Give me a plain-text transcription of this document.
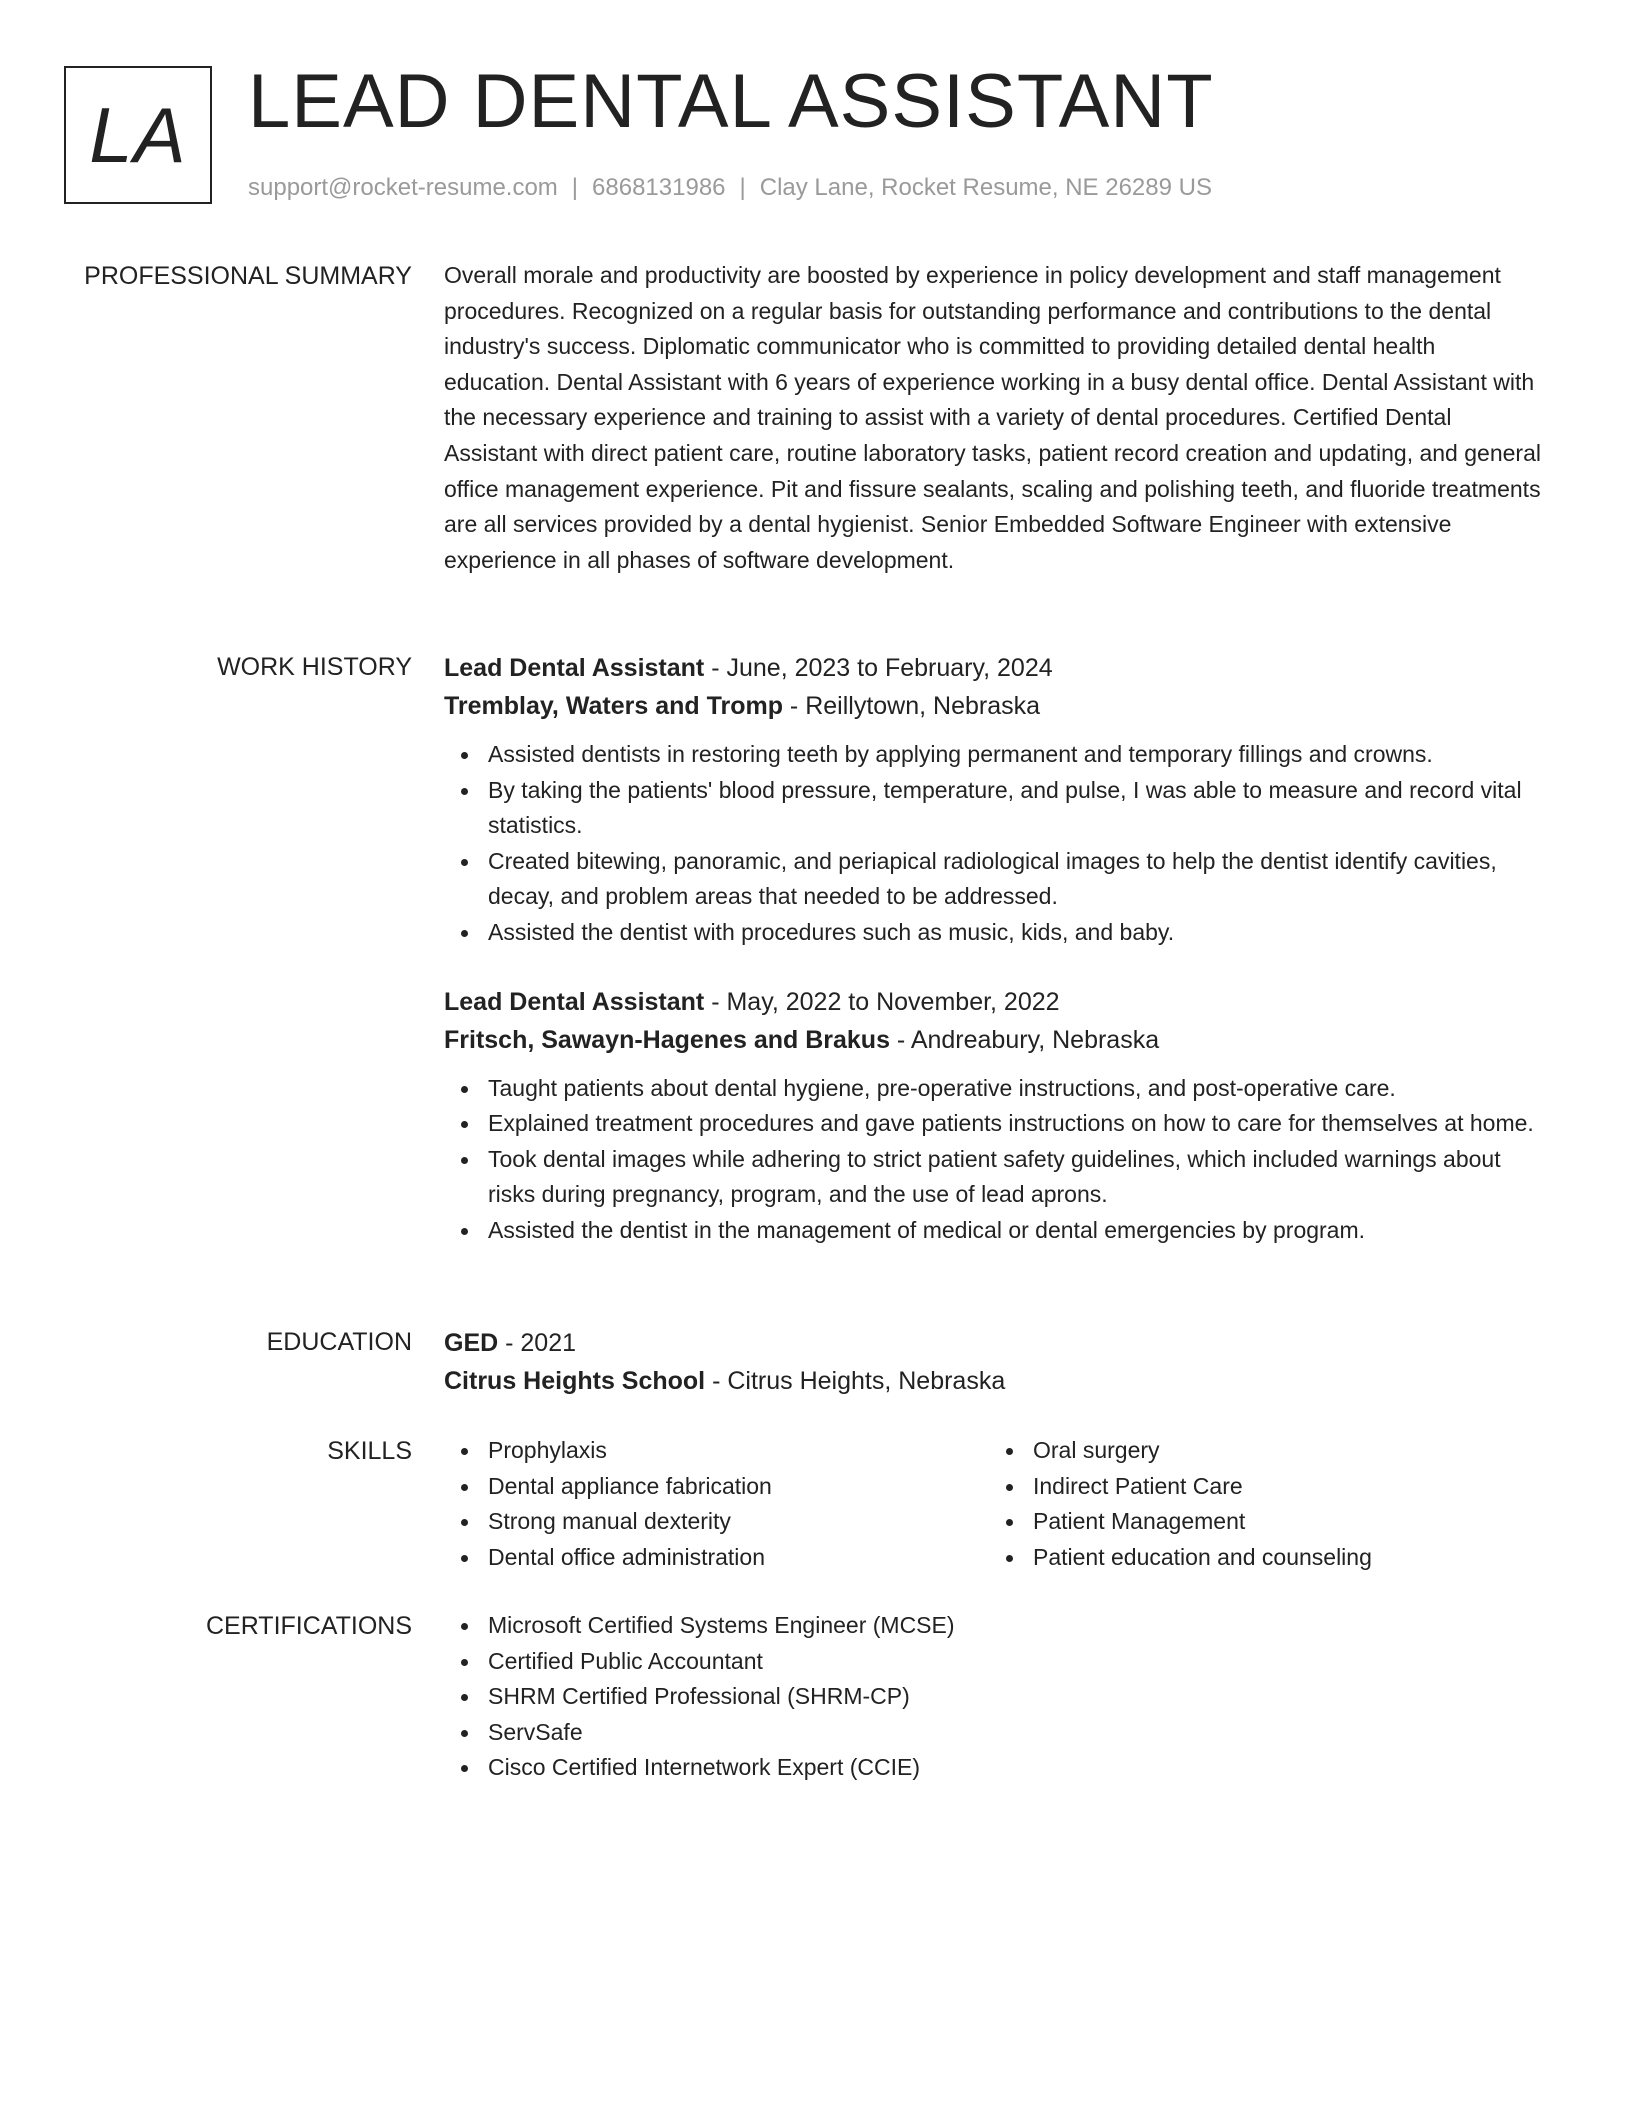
LA LEAD DENTAL ASSISTANT
support@rocket-resume.com | 6868131986 | Clay Lane, Rocket Resume, NE 26289 US
PROFESSIONAL SUMMARY Overall morale and productivity are boosted by experience in policy development and staff management procedures. Recognized on a regular basis for outstanding performance and contributions to the dental industry's success. Diplomatic communicator who is committed to providing detailed dental health education. Dental Assistant with 6 years of experience working in a busy dental office. Dental Assistant with the necessary experience and training to assist with a variety of dental procedures. Certified Dental Assistant with direct patient care, routine laboratory tasks, patient record creation and updating, and general office management experience. Pit and fissure sealants, scaling and polishing teeth, and fluoride treatments are all services provided by a dental hygienist. Senior Embedded Software Engineer with extensive experience in all phases of software development.

WORK HISTORY Lead Dental Assistant - June, 2023 to February, 2024

Tremblay, Waters and Tromp - Reillytown, Nebraska

Assisted dentists in restoring teeth by applying permanent and temporary fillings and crowns.
By taking the patients' blood pressure, temperature, and pulse, I was able to measure and record vital statistics.
Created bitewing, panoramic, and periapical radiological images to help the dentist identify cavities, decay, and problem areas that needed to be addressed.
Assisted the dentist with procedures such as music, kids, and baby.

Lead Dental Assistant - May, 2022 to November, 2022

Fritsch, Sawayn-Hagenes and Brakus - Andreabury, Nebraska

Taught patients about dental hygiene, pre-operative instructions, and post-operative care.
Explained treatment procedures and gave patients instructions on how to care for themselves at home.
Took dental images while adhering to strict patient safety guidelines, which included warnings about risks during pregnancy, program, and the use of lead aprons.
Assisted the dentist in the management of medical or dental emergencies by program.
EDUCATION GED - 2021

Citrus Heights School - Citrus Heights, Nebraska

SKILLS	Prophylaxis
Dental appliance fabrication
Strong manual dexterity
Dental office administration
Oral surgery
Indirect Patient Care
Patient Management
Patient education and counseling
CERTIFICATIONS	Microsoft Certified Systems Engineer (MCSE)
Certified Public Accountant
SHRM Certified Professional (SHRM-CP)
ServSafe
Cisco Certified Internetwork Expert (CCIE)
